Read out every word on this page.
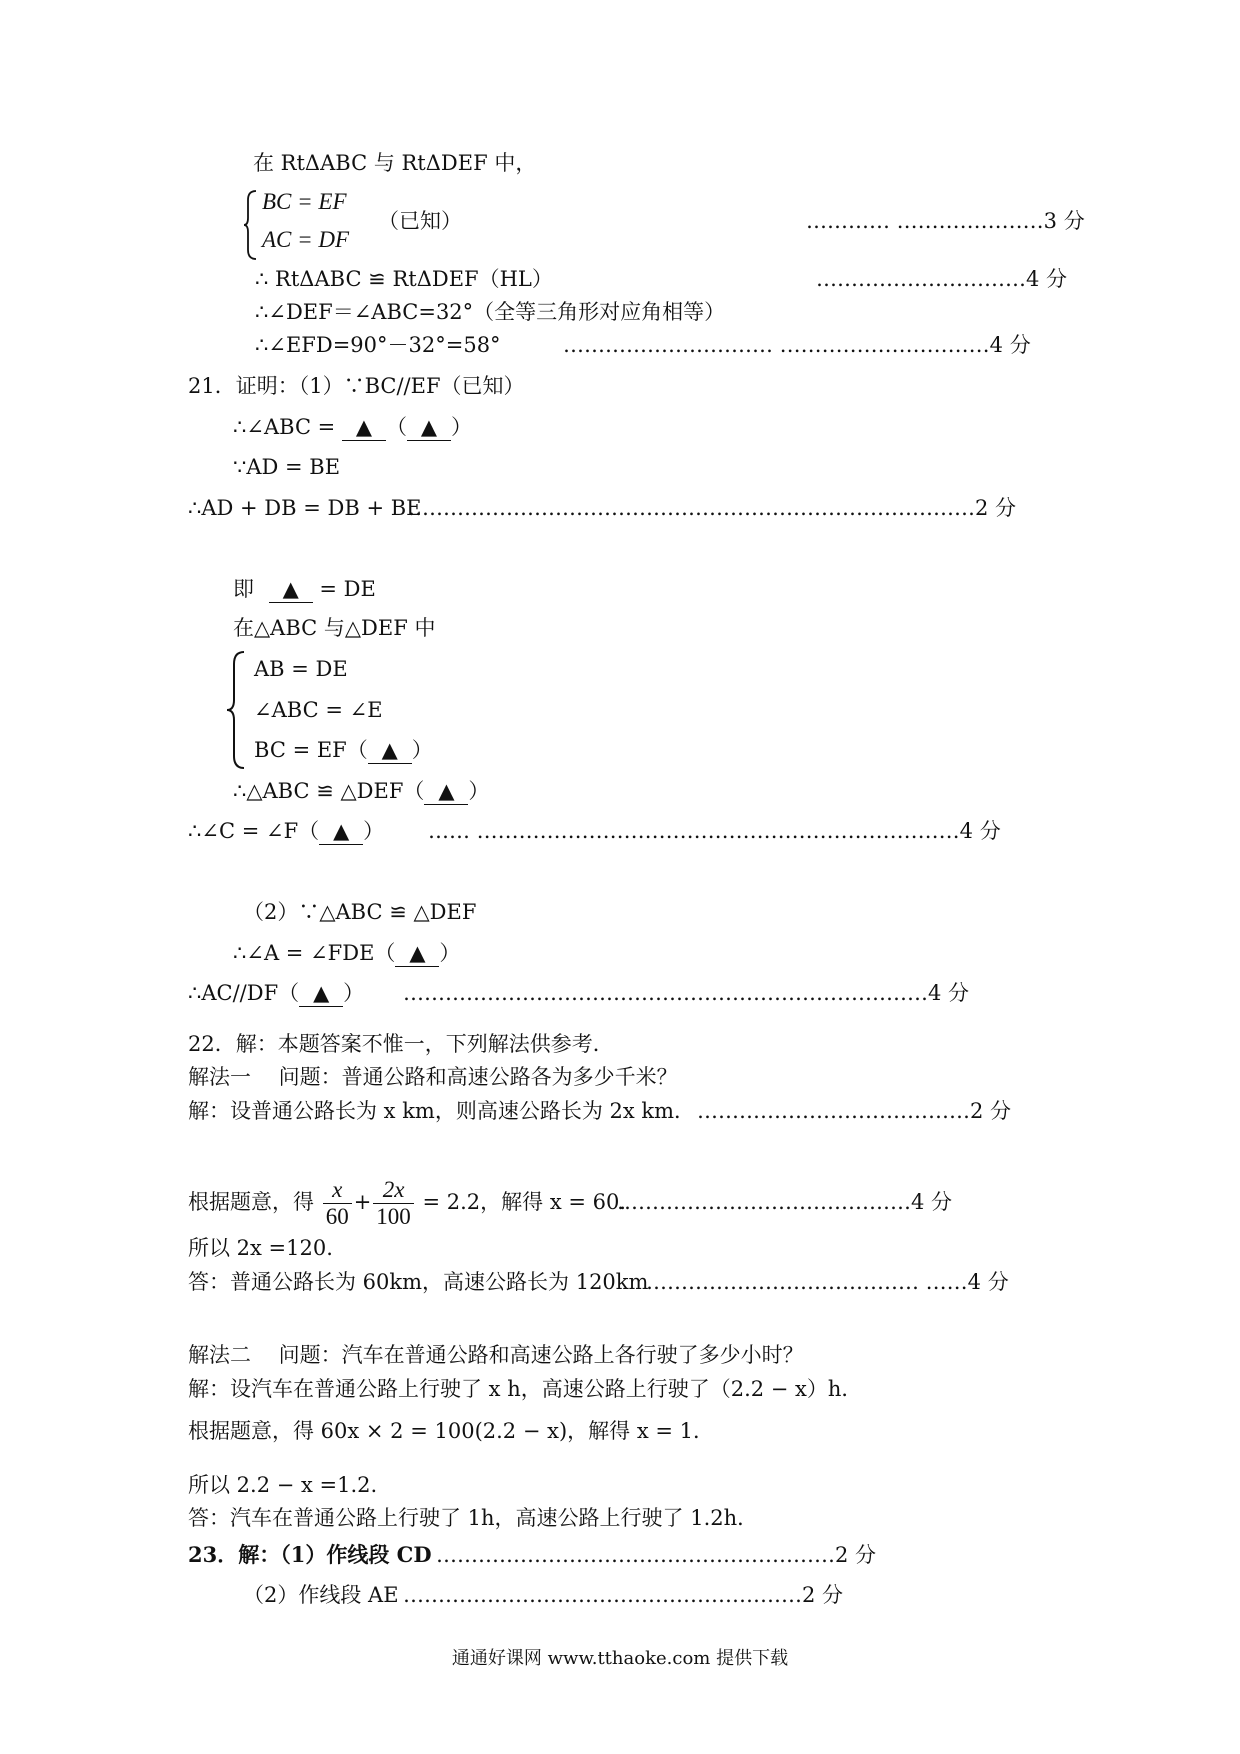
在 RtΔABC 与 RtΔDEF 中，
BC = EF
AC = DF
（已知）	………… …………………3 分
∴ RtΔABC ≌ RtΔDEF（HL）	…………………………4 分
∴∠DEF＝∠ABC=32°（全等三角形对应角相等）
∴∠EFD=90°－32°=58°	………………………… …………………………4 分
21．证明：（1）∵BC//EF（已知）
∴∠ABC = ▲ （ ▲ ）
∵AD = BE
∴AD + DB = DB + BE
………………………………………………………………………2 分
即 ▲ = DE
在△ABC 与△DEF 中
AB = DE
∠ABC = ∠E
BC = EF（ ▲ ）
∴△ABC ≌ △DEF（ ▲ ）
∴∠C = ∠F（ ▲ ） …… ……………………………………………………………4 分
（2）∵△ABC ≌ △DEF
∴∠A = ∠FDE（ ▲ ）
∴AC//DF（ ▲ ） …………………………………………………………………4 分
22．解：本题答案不惟一，下列解法供参考．
解法一　 问题：普通公路和高速公路各为多少千米？
解：设普通公路长为 x km，则高速公路长为 2x km． …………………………………2 分
根据题意，得 $\frac{x}{60} + \frac{2x}{100} = 2.2$，解得 x = 60．
……………………………………4 分
所以 2x =120.
答：普通公路长为 60km，高速公路长为 120km
………………………………… ……4 分
解法二　 问题：汽车在普通公路和高速公路上各行驶了多少小时？
解：设汽车在普通公路上行驶了 x h，高速公路上行驶了（2.2 − x）h．
根据题意，得 60x × 2 = 100(2.2 − x)，解得 x = 1．
所以 2.2 − x =1.2.
答：汽车在普通公路上行驶了 1h，高速公路上行驶了 1.2h．
23．解：（1）作线段 CD …………………………………………………2 分
（2）作线段 AE …………………………………………………2 分
通通好课网 www.tthaoke.com 提供下载
